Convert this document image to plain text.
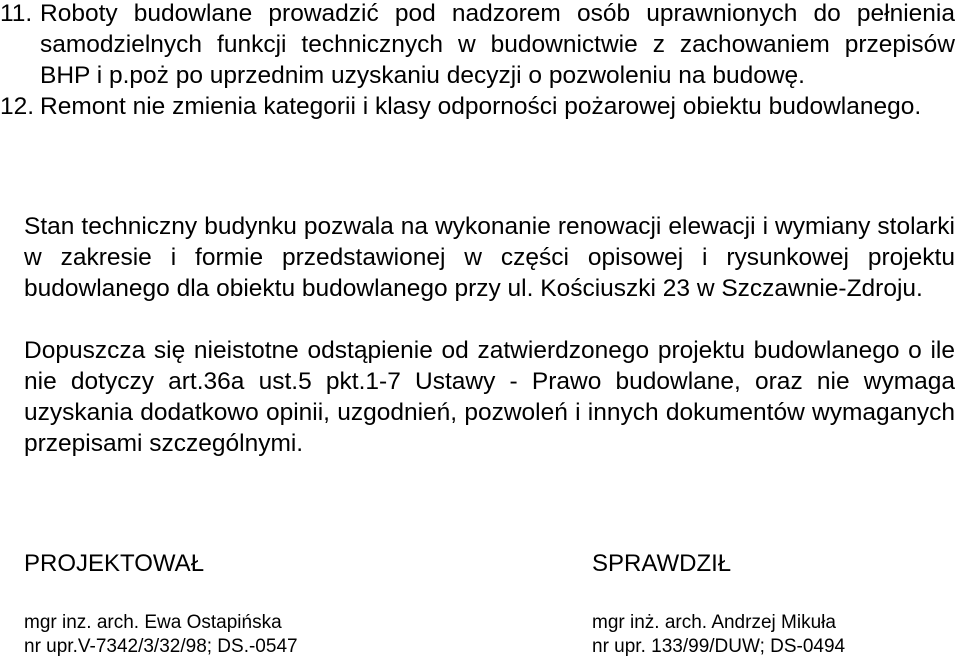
11. Roboty budowlane prowadzić pod nadzorem osób uprawnionych do pełnienia samodzielnych funkcji technicznych w budownictwie z zachowaniem przepisów BHP i p.poż po uprzednim uzyskaniu decyzji o pozwoleniu na budowę.
12. Remont nie zmienia kategorii i klasy odporności pożarowej obiektu budowlanego.

Stan techniczny budynku pozwala na wykonanie renowacji elewacji i wymiany stolarki w zakresie i formie przedstawionej w części opisowej i rysunkowej projektu budowlanego dla obiektu budowlanego przy ul. Kościuszki 23 w Szczawnie-Zdroju.

Dopuszcza się nieistotne odstąpienie od zatwierdzonego projektu budowlanego o ile nie dotyczy art.36a ust.5 pkt.1-7 Ustawy - Prawo budowlane, oraz nie wymaga uzyskania dodatkowo opinii, uzgodnień, pozwoleń i innych dokumentów wymaganych przepisami szczególnymi.

PROJEKTOWAŁ
mgr inz. arch. Ewa Ostapińska
nr upr.V-7342/3/32/98; DS.-0547
SPRAWDZIŁ
mgr inż. arch. Andrzej Mikuła
nr upr. 133/99/DUW; DS-0494
